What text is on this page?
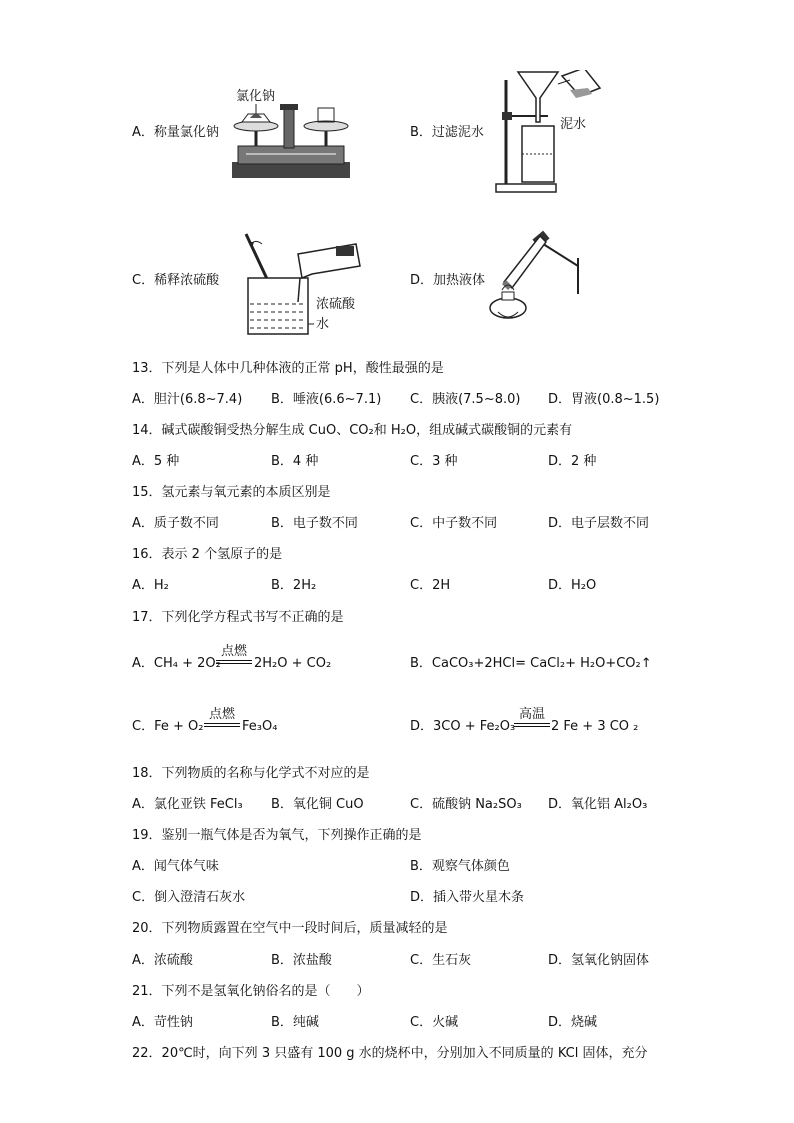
A．称量氯化钠
氯化钠
B．过滤泥水
泥水
C．稀释浓硫酸
浓硫酸
水
D．加热液体
13．下列是人体中几种体液的正常 pH，酸性最强的是
A．胆汁(6.8~7.4) B．唾液(6.6~7.1) C．胰液(7.5~8.0) D．胃液(0.8~1.5)
14．碱式碳酸铜受热分解生成 CuO、CO₂和 H₂O，组成碱式碳酸铜的元素有
A．5 种	B．4 种	C．3 种	D．2 种
15．氢元素与氧元素的本质区别是
A．质子数不同	B．电子数不同	C．中子数不同	D．电子层数不同
16．表示 2 个氢原子的是
A．H₂	B．2H₂	C．2H	D．H₂O
17．下列化学方程式书写不正确的是
A．CH₄ + 2O₂
点燃
2H₂O + CO₂	B．CaCO₃+2HCl= CaCl₂+ H₂O+CO₂↑
C．Fe + O₂
点燃
Fe₃O₄	D．3CO + Fe₂O₃
高温
2 Fe + 3 CO ₂
18．下列物质的名称与化学式不对应的是
A．氯化亚铁 FeCl₃ B．氧化铜 CuO	C．硫酸钠 Na₂SO₃ D．氧化铝 Al₂O₃
19．鉴别一瓶气体是否为氧气，下列操作正确的是
A．闻气体气味	B．观察气体颜色
C．倒入澄清石灰水	D．插入带火星木条
20．下列物质露置在空气中一段时间后，质量减轻的是
A．浓硫酸	B．浓盐酸	C．生石灰	D．氢氧化钠固体
21．下列不是氢氧化钠俗名的是（　　）
A．苛性钠	B．纯碱	C．火碱	D．烧碱
22．20℃时，向下列 3 只盛有 100 g 水的烧杯中，分别加入不同质量的 KCl 固体，充分
